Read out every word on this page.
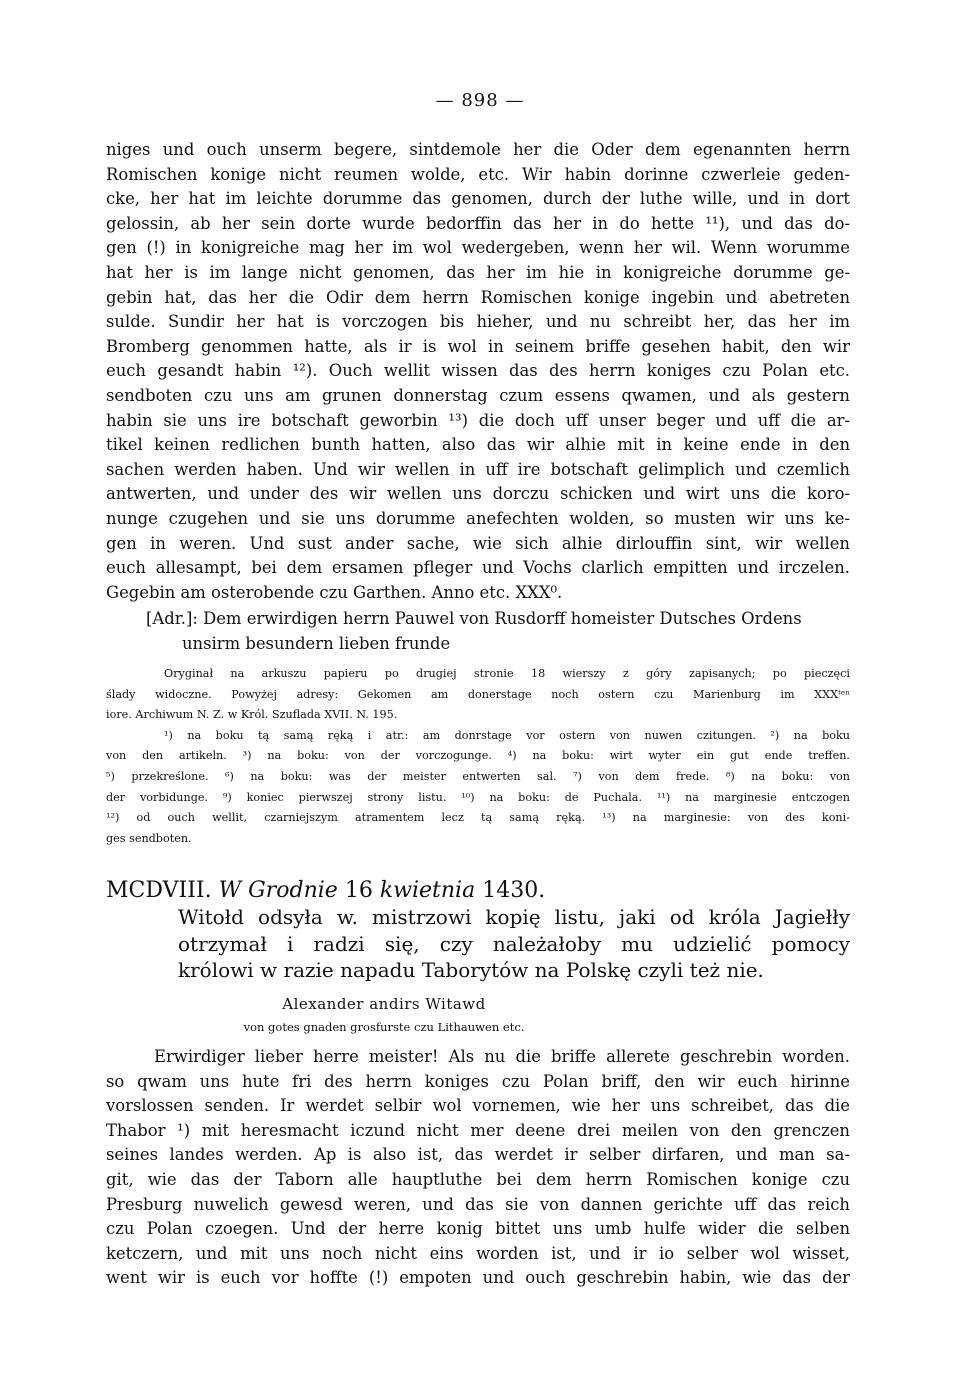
— 898 —
niges und ouch unserm begere, sintdemole her die Oder dem egenannten herrn
Romischen konige nicht reumen wolde, etc. Wir habin dorinne czwerleie geden-
cke, her hat im leichte dorumme das genomen, durch der luthe wille, und in dort
gelossin, ab her sein dorte wurde bedorffin das her in do hette ¹¹), und das do-
gen (!) in konigreiche mag her im wol wedergeben, wenn her wil. Wenn worumme
hat her is im lange nicht genomen, das her im hie in konigreiche dorumme ge-
gebin hat, das her die Odir dem herrn Romischen konige ingebin und abetreten
sulde. Sundir her hat is vorczogen bis hieher, und nu schreibt her, das her im
Bromberg genommen hatte, als ir is wol in seinem briffe gesehen habit, den wir
euch gesandt habin ¹²). Ouch wellit wissen das des herrn koniges czu Polan etc.
sendboten czu uns am grunen donnerstag czum essens qwamen, und als gestern
habin sie uns ire botschaft geworbin ¹³) die doch uff unser beger und uff die ar-
tikel keinen redlichen bunth hatten, also das wir alhie mit in keine ende in den
sachen werden haben. Und wir wellen in uff ire botschaft gelimplich und czemlich
antwerten, und under des wir wellen uns dorczu schicken und wirt uns die koro-
nunge czugehen und sie uns dorumme anefechten wolden, so musten wir uns ke-
gen in weren. Und sust ander sache, wie sich alhie dirlouffin sint, wir wellen
euch allesampt, bei dem ersamen pfleger und Vochs clarlich empitten und irczelen.
Gegebin am osterobende czu Garthen. Anno etc. XXX⁰.
[Adr.]: Dem erwirdigen herrn Pauwel von Rusdorff homeister Dutsches Ordens
unsirm besundern lieben frunde
Oryginał na arkuszu papieru po drugiej stronie 18 wierszy z góry zapisanych; po pieczęci
ślady widoczne. Powyżej adresy: Gekomen am donerstage noch ostern czu Marienburg im XXXᵗᵉⁿ
iore. Archiwum N. Z. w Król. Szuflada XVII. N. 195.
¹) na boku tą samą ręką i atr.: am donrstage vor ostern von nuwen czitungen. ²) na boku
von den artikeln. ³) na boku: von der vorczogunge. ⁴) na boku: wirt wyter ein gut ende treffen.
⁵) przekreślone. ⁶) na boku: was der meister entwerten sal. ⁷) von dem frede. ⁸) na boku: von
der vorbidunge. ⁹) koniec pierwszej strony listu. ¹⁰) na boku: de Puchala. ¹¹) na marginesie entczogen
¹²) od ouch wellit, czarniejszym atramentem lecz tą samą ręką. ¹³) na marginesie: von des koni-
ges sendboten.
MCDVIII. W Grodnie 16 kwietnia 1430.
Witołd odsyła w. mistrzowi kopię listu, jaki od króla Jagiełły
otrzymał i radzi się, czy należałoby mu udzielić pomocy
królowi w razie napadu Taborytów na Polskę czyli też nie.
Alexander andirs Witawd
von gotes gnaden grosfurste czu Lithauwen etc.
Erwirdiger lieber herre meister! Als nu die briffe allerete geschrebin worden.
so qwam uns hute fri des herrn koniges czu Polan briff, den wir euch hirinne
vorslossen senden. Ir werdet selbir wol vornemen, wie her uns schreibet, das die
Thabor ¹) mit heresmacht iczund nicht mer deene drei meilen von den grenczen
seines landes werden. Ap is also ist, das werdet ir selber dirfaren, und man sa-
git, wie das der Taborn alle hauptluthe bei dem herrn Romischen konige czu
Presburg nuwelich gewesd weren, und das sie von dannen gerichte uff das reich
czu Polan czoegen. Und der herre konig bittet uns umb hulfe wider die selben
ketczern, und mit uns noch nicht eins worden ist, und ir io selber wol wisset,
went wir is euch vor hoffte (!) empoten und ouch geschrebin habin, wie das der
